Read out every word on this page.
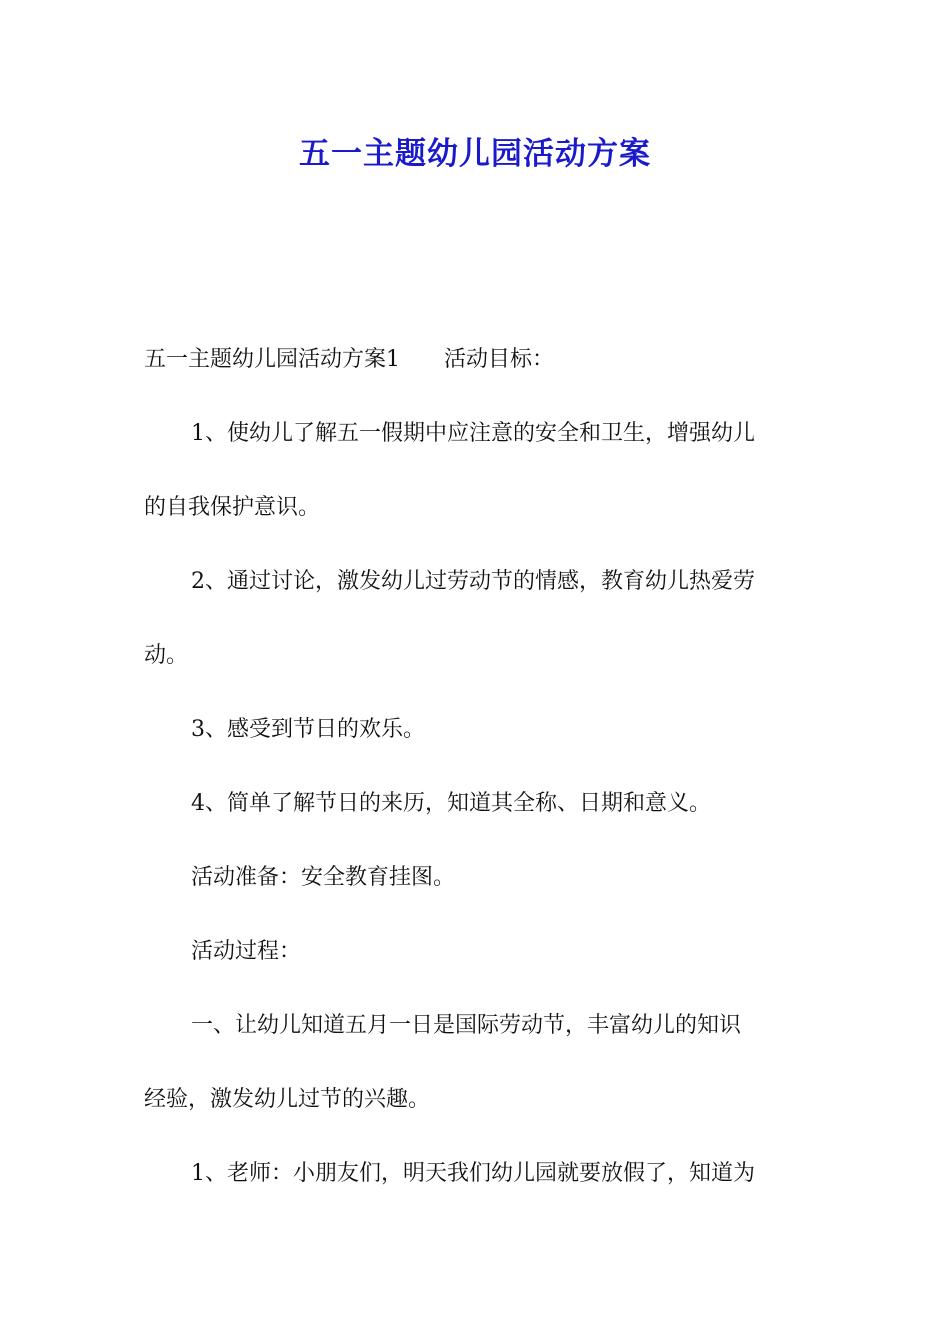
五一主题幼儿园活动方案
五一主题幼儿园活动方案1 活动目标：
1、使幼儿了解五一假期中应注意的安全和卫生，增强幼儿
的自我保护意识。
2、通过讨论，激发幼儿过劳动节的情感，教育幼儿热爱劳
动。
3、感受到节日的欢乐。
4、简单了解节日的来历，知道其全称、日期和意义。
活动准备：安全教育挂图。
活动过程：
一、让幼儿知道五月一日是国际劳动节，丰富幼儿的知识
经验，激发幼儿过节的兴趣。
1、老师：小朋友们，明天我们幼儿园就要放假了，知道为
